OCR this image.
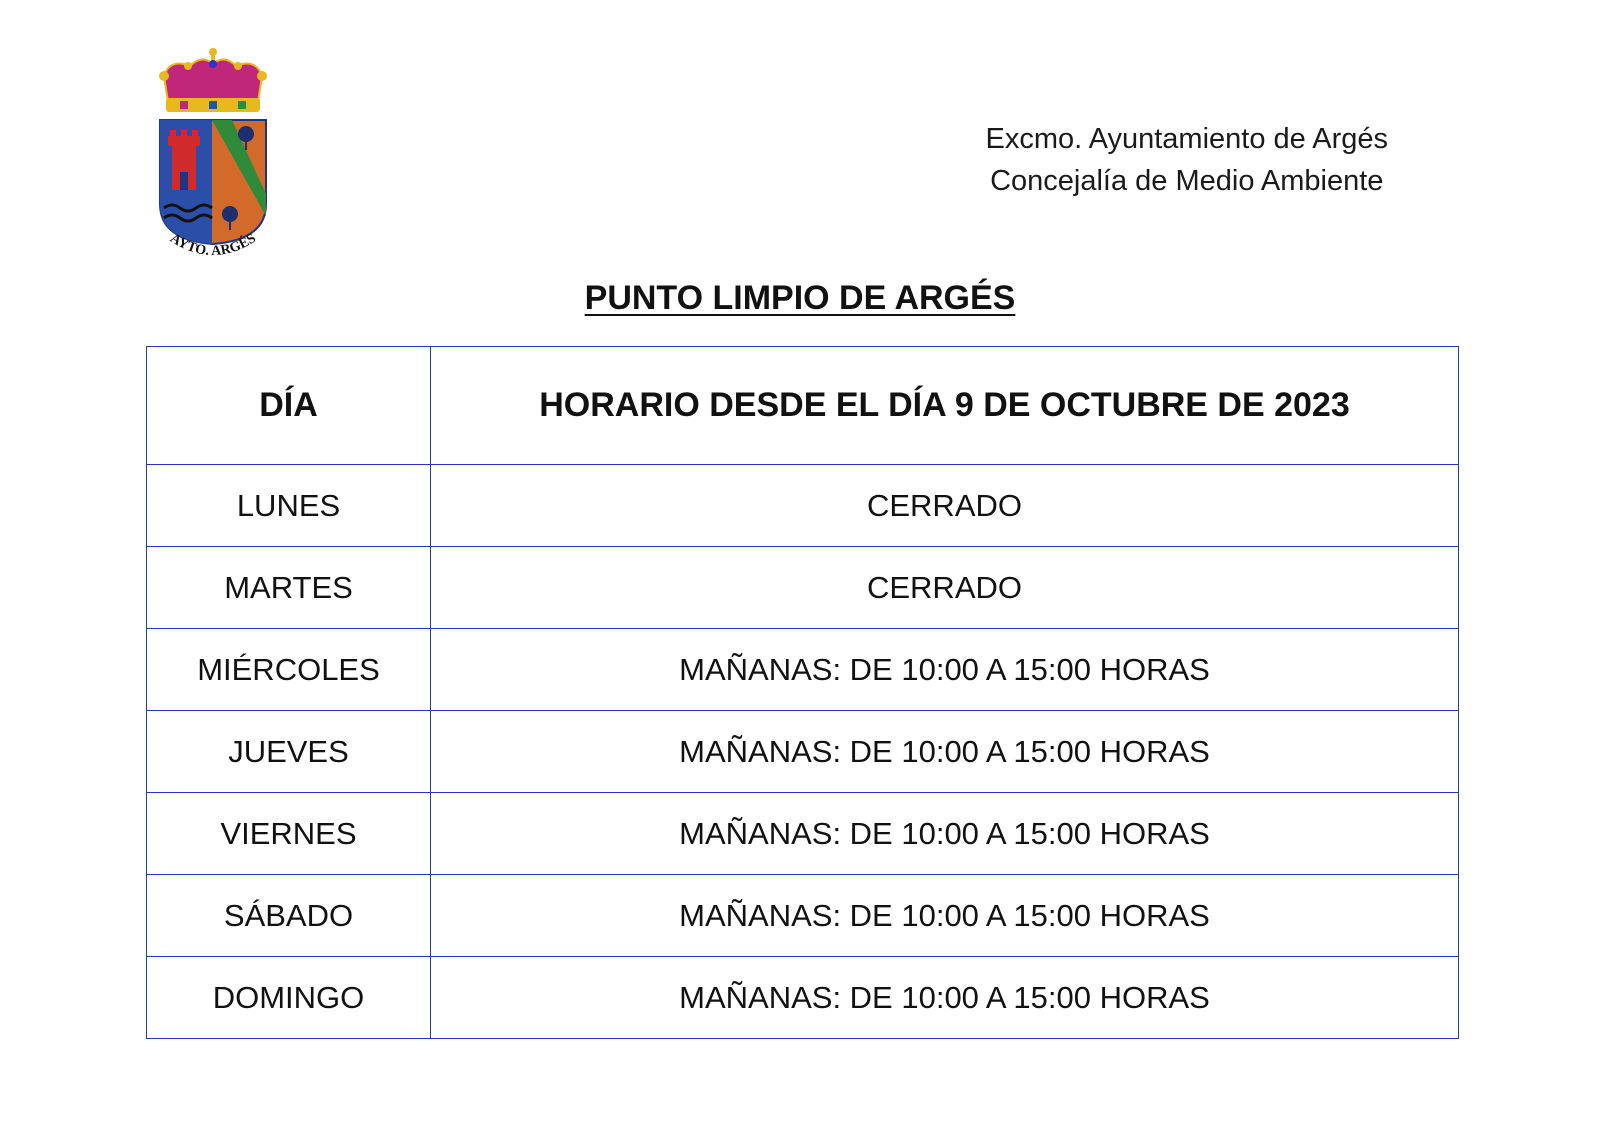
AYTO. ARGÉS
Excmo. Ayuntamiento de Argés
Concejalía de Medio Ambiente
PUNTO LIMPIO DE ARGÉS
DÍA	HORARIO DESDE EL DÍA 9 DE OCTUBRE DE 2023
LUNES	CERRADO
MARTES	CERRADO
MIÉRCOLES	MAÑANAS: DE 10:00 A 15:00 HORAS
JUEVES	MAÑANAS: DE 10:00 A 15:00 HORAS
VIERNES	MAÑANAS: DE 10:00 A 15:00 HORAS
SÁBADO	MAÑANAS: DE 10:00 A 15:00 HORAS
DOMINGO	MAÑANAS: DE 10:00 A 15:00 HORAS
